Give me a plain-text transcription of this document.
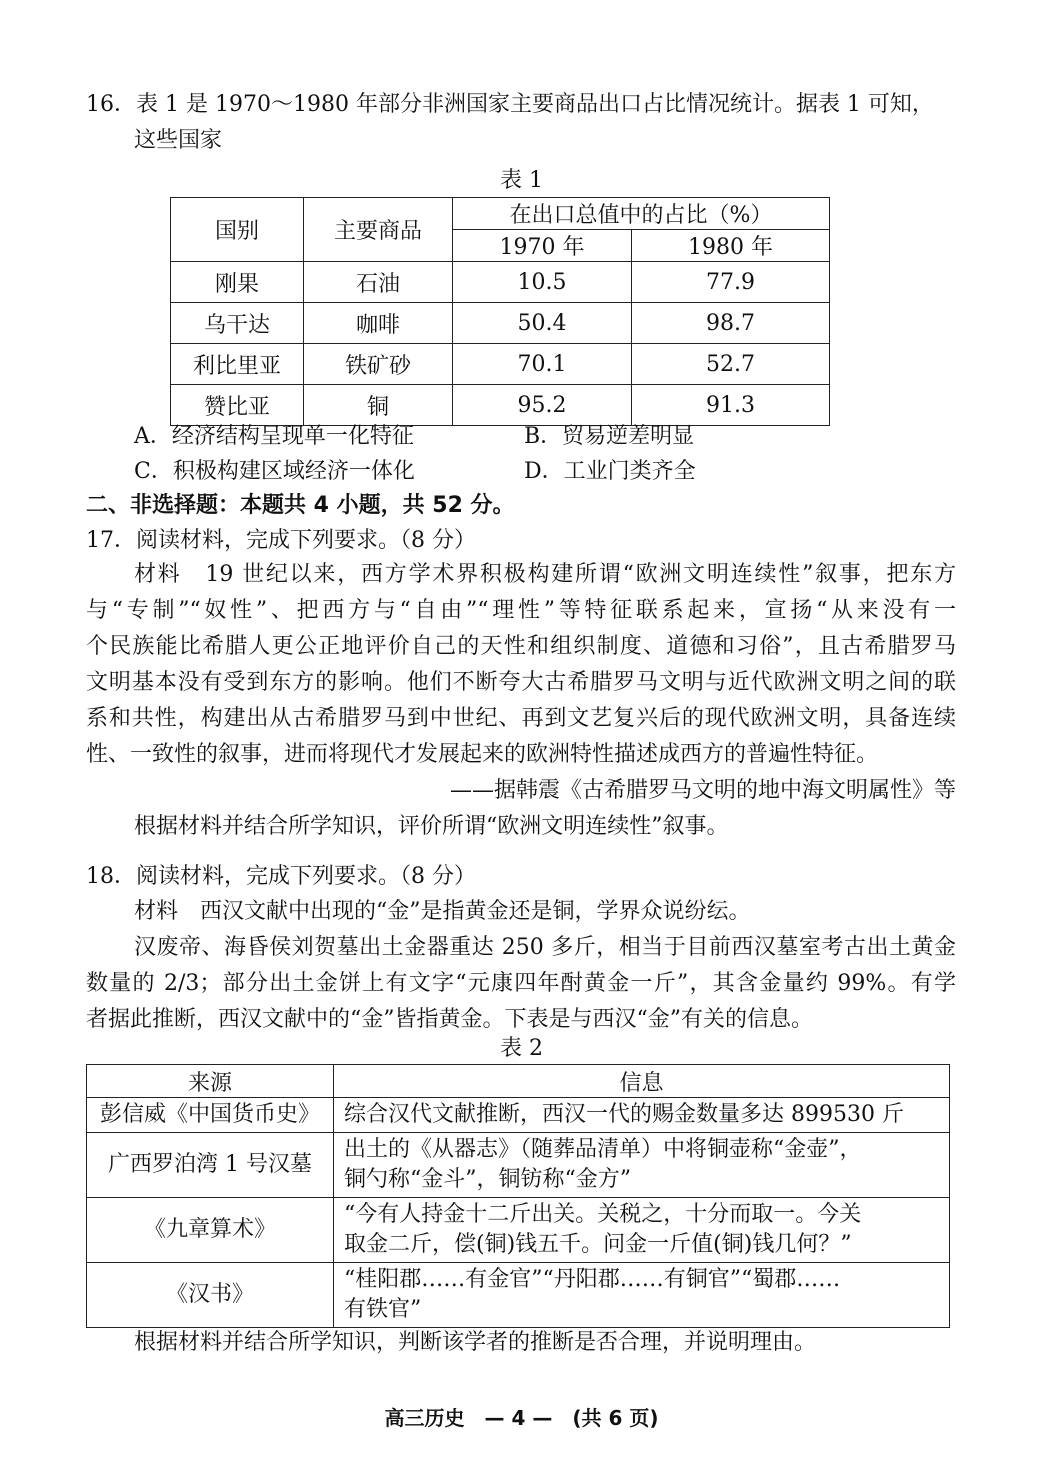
16．表 1 是 1970～1980 年部分非洲国家主要商品出口占比情况统计。据表 1 可知，
这些国家
表 1
国别	主要商品	在出口总值中的占比（%）	
		1970 年	1980 年
刚果	石油	10.5	77.9
乌干达	咖啡	50.4	98.7
利比里亚	铁矿砂	70.1	52.7
赞比亚	铜	95.2	91.3
A．经济结构呈现单一化特征	B．贸易逆差明显
C．积极构建区域经济一体化	D．工业门类齐全
二、非选择题：本题共 4 小题，共 52 分。
17．阅读材料，完成下列要求。（8 分）
材料　19 世纪以来，西方学术界积极构建所谓“欧洲文明连续性”叙事，把东方
与“专制”“奴性”、把西方与“自由”“理性”等特征联系起来，宣扬“从来没有一
个民族能比希腊人更公正地评价自己的天性和组织制度、道德和习俗”，且古希腊罗马
文明基本没有受到东方的影响。他们不断夸大古希腊罗马文明与近代欧洲文明之间的联
系和共性，构建出从古希腊罗马到中世纪、再到文艺复兴后的现代欧洲文明，具备连续
性、一致性的叙事，进而将现代才发展起来的欧洲特性描述成西方的普遍性特征。
——据韩震《古希腊罗马文明的地中海文明属性》等
根据材料并结合所学知识，评价所谓“欧洲文明连续性”叙事。
18．阅读材料，完成下列要求。（8 分）
材料　西汉文献中出现的“金”是指黄金还是铜，学界众说纷纭。
汉废帝、海昏侯刘贺墓出土金器重达 250 多斤，相当于目前西汉墓室考古出土黄金
数量的 2/3；部分出土金饼上有文字“元康四年酎黄金一斤”，其含金量约 99%。有学
者据此推断，西汉文献中的“金”皆指黄金。下表是与西汉“金”有关的信息。
表 2
来源	信息
彭信威《中国货币史》	综合汉代文献推断，西汉一代的赐金数量多达 899530 斤
广西罗泊湾 1 号汉墓	出土的《从器志》（随葬品清单）中将铜壶称“金壶”，
铜勺称“金斗”，铜钫称“金方”

《九章算术》	“今有人持金十二斤出关。关税之，十分而取一。今关
取金二斤，偿(铜)钱五千。问金一斤值(铜)钱几何？”

《汉书》	“桂阳郡……有金官”“丹阳郡……有铜官”“蜀郡……
有铁官”
根据材料并结合所学知识，判断该学者的推断是否合理，并说明理由。
高三历史　— 4 —　(共 6 页)
